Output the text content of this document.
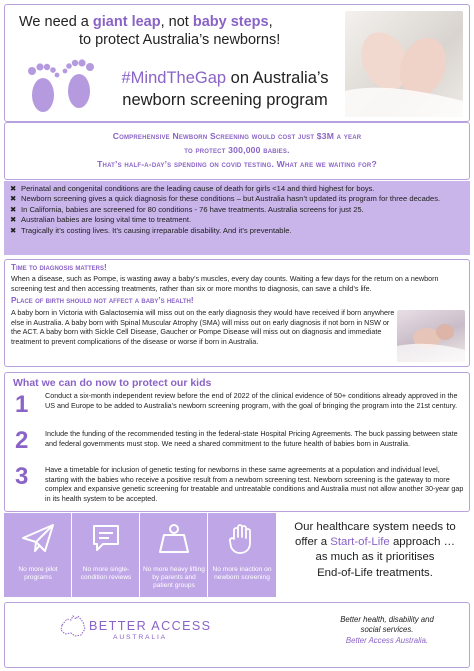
We need a giant leap, not baby steps,
to protect Australia’s newborns!
#MindTheGap on Australia’s
newborn screening program
Comprehensive Newborn Screening would cost just $3M a year
to protect 300,000 babies.
That’s half-a-day’s spending on covid testing. What are we waiting for?
✖ Perinatal and congenital conditions are the leading cause of death for girls <14 and third highest for boys.
✖ Newborn screening gives a quick diagnosis for these conditions – but Australia hasn’t updated its program for three decades.
✖ In California, babies are screened for 80 conditions - 76 have treatments. Australia screens for just 25.
✖ Australian babies are losing vital time to treatment.
✖ Tragically it’s costing lives. It’s causing irreparable disability. And it’s preventable.
Time to diagnosis matters!
When a disease, such as Pompe, is wasting away a baby’s muscles, every day counts. Waiting a few days for the return on a newborn screening test and then accessing treatments, rather than six or more months to diagnosis, can save a child’s life.
Place of birth should not affect a baby’s health!
A baby born in Victoria with Galactosemia will miss out on the early diagnosis they would have received if born anywhere else in Australia. A baby born with Spinal Muscular Atrophy (SMA) will miss out on early diagnosis if not born in NSW or the ACT. A baby born with Sickle Cell Disease, Gaucher or Pompe Disease will miss out on diagnosis and immediate treatment to prevent complications of the disease or worse if born in Australia.
What we can do now to protect our kids
1 Conduct a six-month independent review before the end of 2022 of the clinical evidence of 50+ conditions already approved in the US and Europe to be added to Australia’s newborn screening program, with the goal of bringing the program into the 21st century.
2 Include the funding of the recommended testing in the federal-state Hospital Pricing Agreements. The buck passing between state and federal governments must stop. We need a shared commitment to the future health of babies born in Australia.
3 Have a timetable for inclusion of genetic testing for newborns in these same agreements at a population and individual level, starting with the babies who receive a positive result from a newborn screening test. Newborn screening is the gateway to more complex and expansive genetic screening for treatable and untreatable conditions and Australia must not allow another 30-year gap in its health system to be accepted.
No more pilot programs
No more single-condition reviews
No more heavy lifting by parents and patient groups
No more inaction on newborn screening
Our healthcare system needs to
offer a Start-of-Life approach …
as much as it prioritises
End-of-Life treatments.
BETTER ACCESS
AUSTRALIA
Better health, disability and
social services.
Better Access Australia.
